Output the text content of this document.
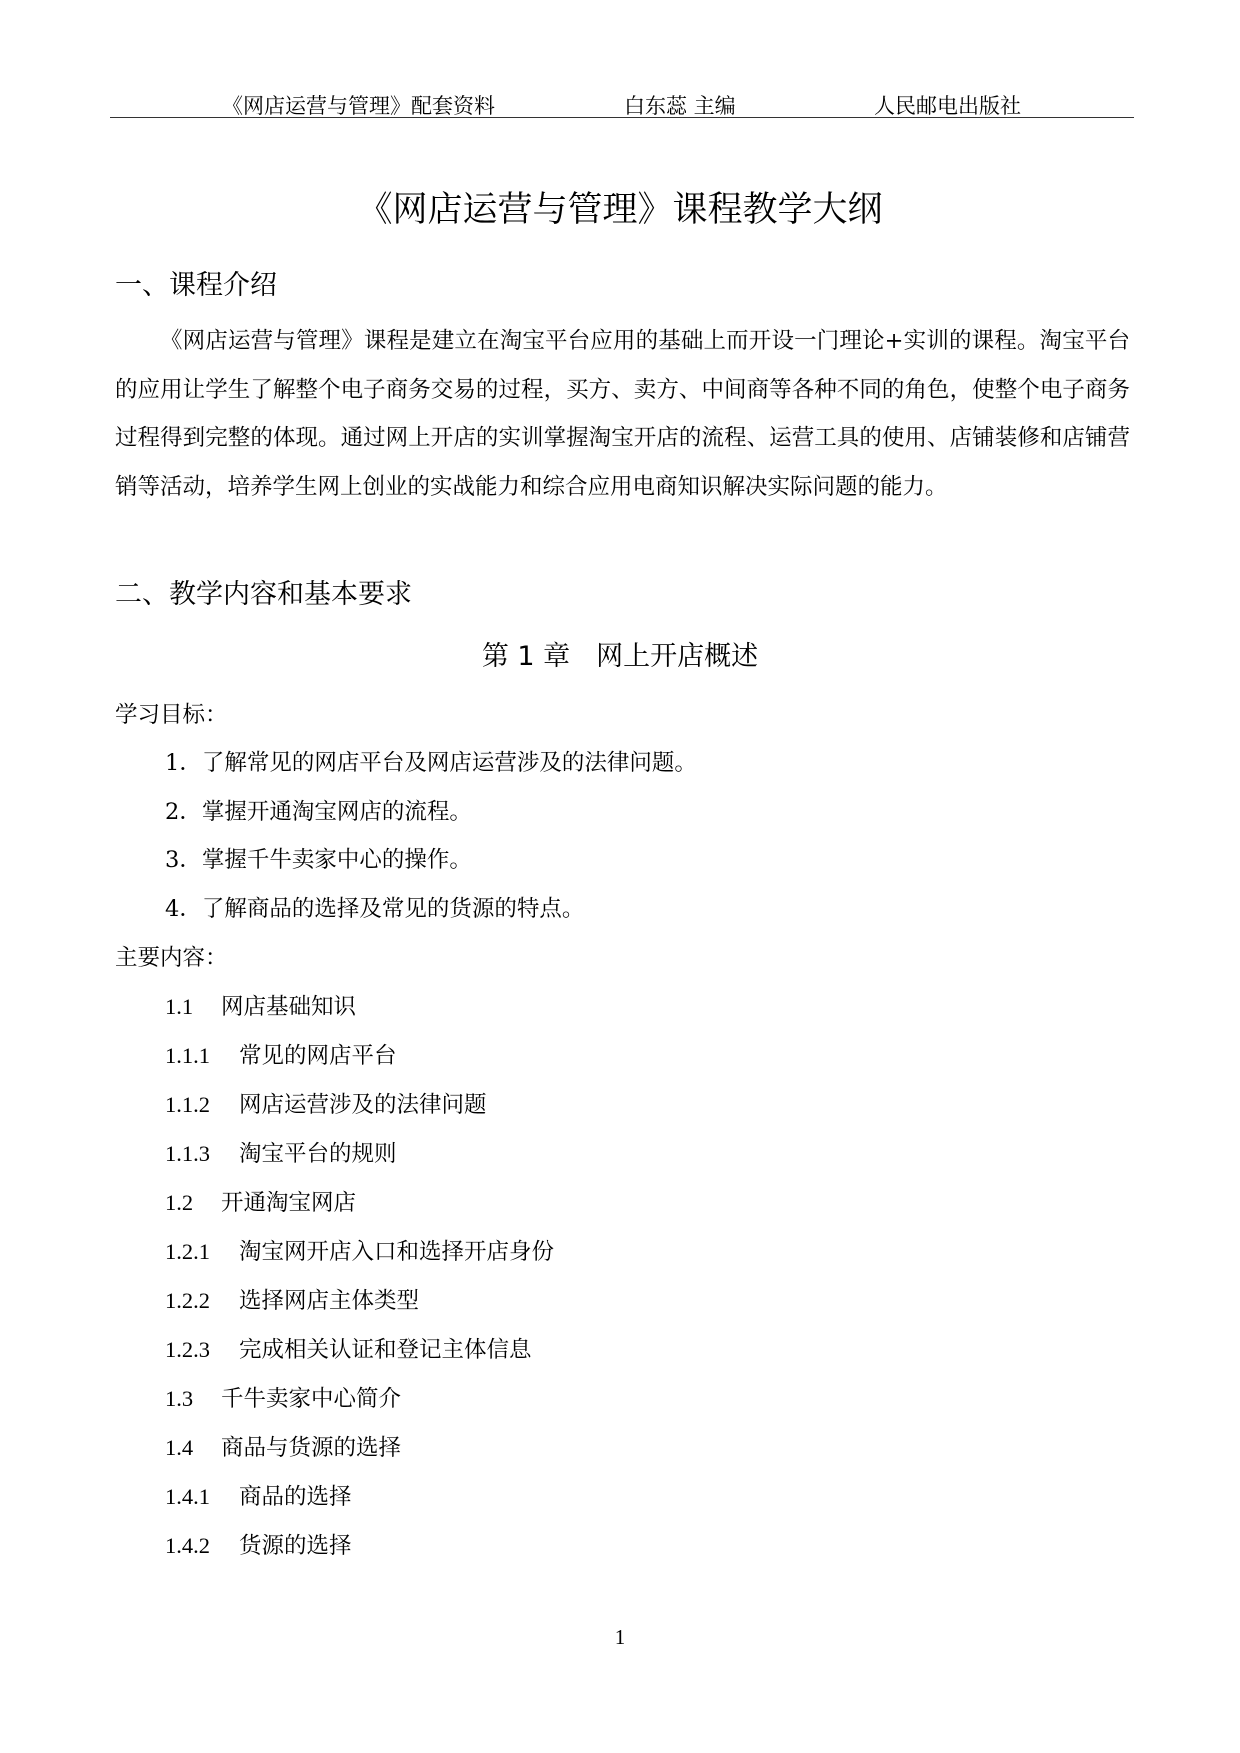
《网店运营与管理》配套资料	白东蕊 主编	人民邮电出版社
《网店运营与管理》课程教学大纲
一、课程介绍

《网店运营与管理》课程是建立在淘宝平台应用的基础上而开设一门理论+实训的课程。淘宝平台的应用让学生了解整个电子商务交易的过程，买方、卖方、中间商等各种不同的角色，使整个电子商务过程得到完整的体现。通过网上开店的实训掌握淘宝开店的流程、运营工具的使用、店铺装修和店铺营销等活动，培养学生网上创业的实战能力和综合应用电商知识解决实际问题的能力。

二、教学内容和基本要求
第 1 章 网上开店概述
学习目标：
1．了解常见的网店平台及网店运营涉及的法律问题。
2．掌握开通淘宝网店的流程。
3．掌握千牛卖家中心的操作。
4．了解商品的选择及常见的货源的特点。
主要内容：
1.1 网店基础知识
1.1.1 常见的网店平台
1.1.2 网店运营涉及的法律问题
1.1.3 淘宝平台的规则
1.2 开通淘宝网店
1.2.1 淘宝网开店入口和选择开店身份
1.2.2 选择网店主体类型
1.2.3 完成相关认证和登记主体信息
1.3 千牛卖家中心简介
1.4 商品与货源的选择
1.4.1 商品的选择
1.4.2 货源的选择
1
